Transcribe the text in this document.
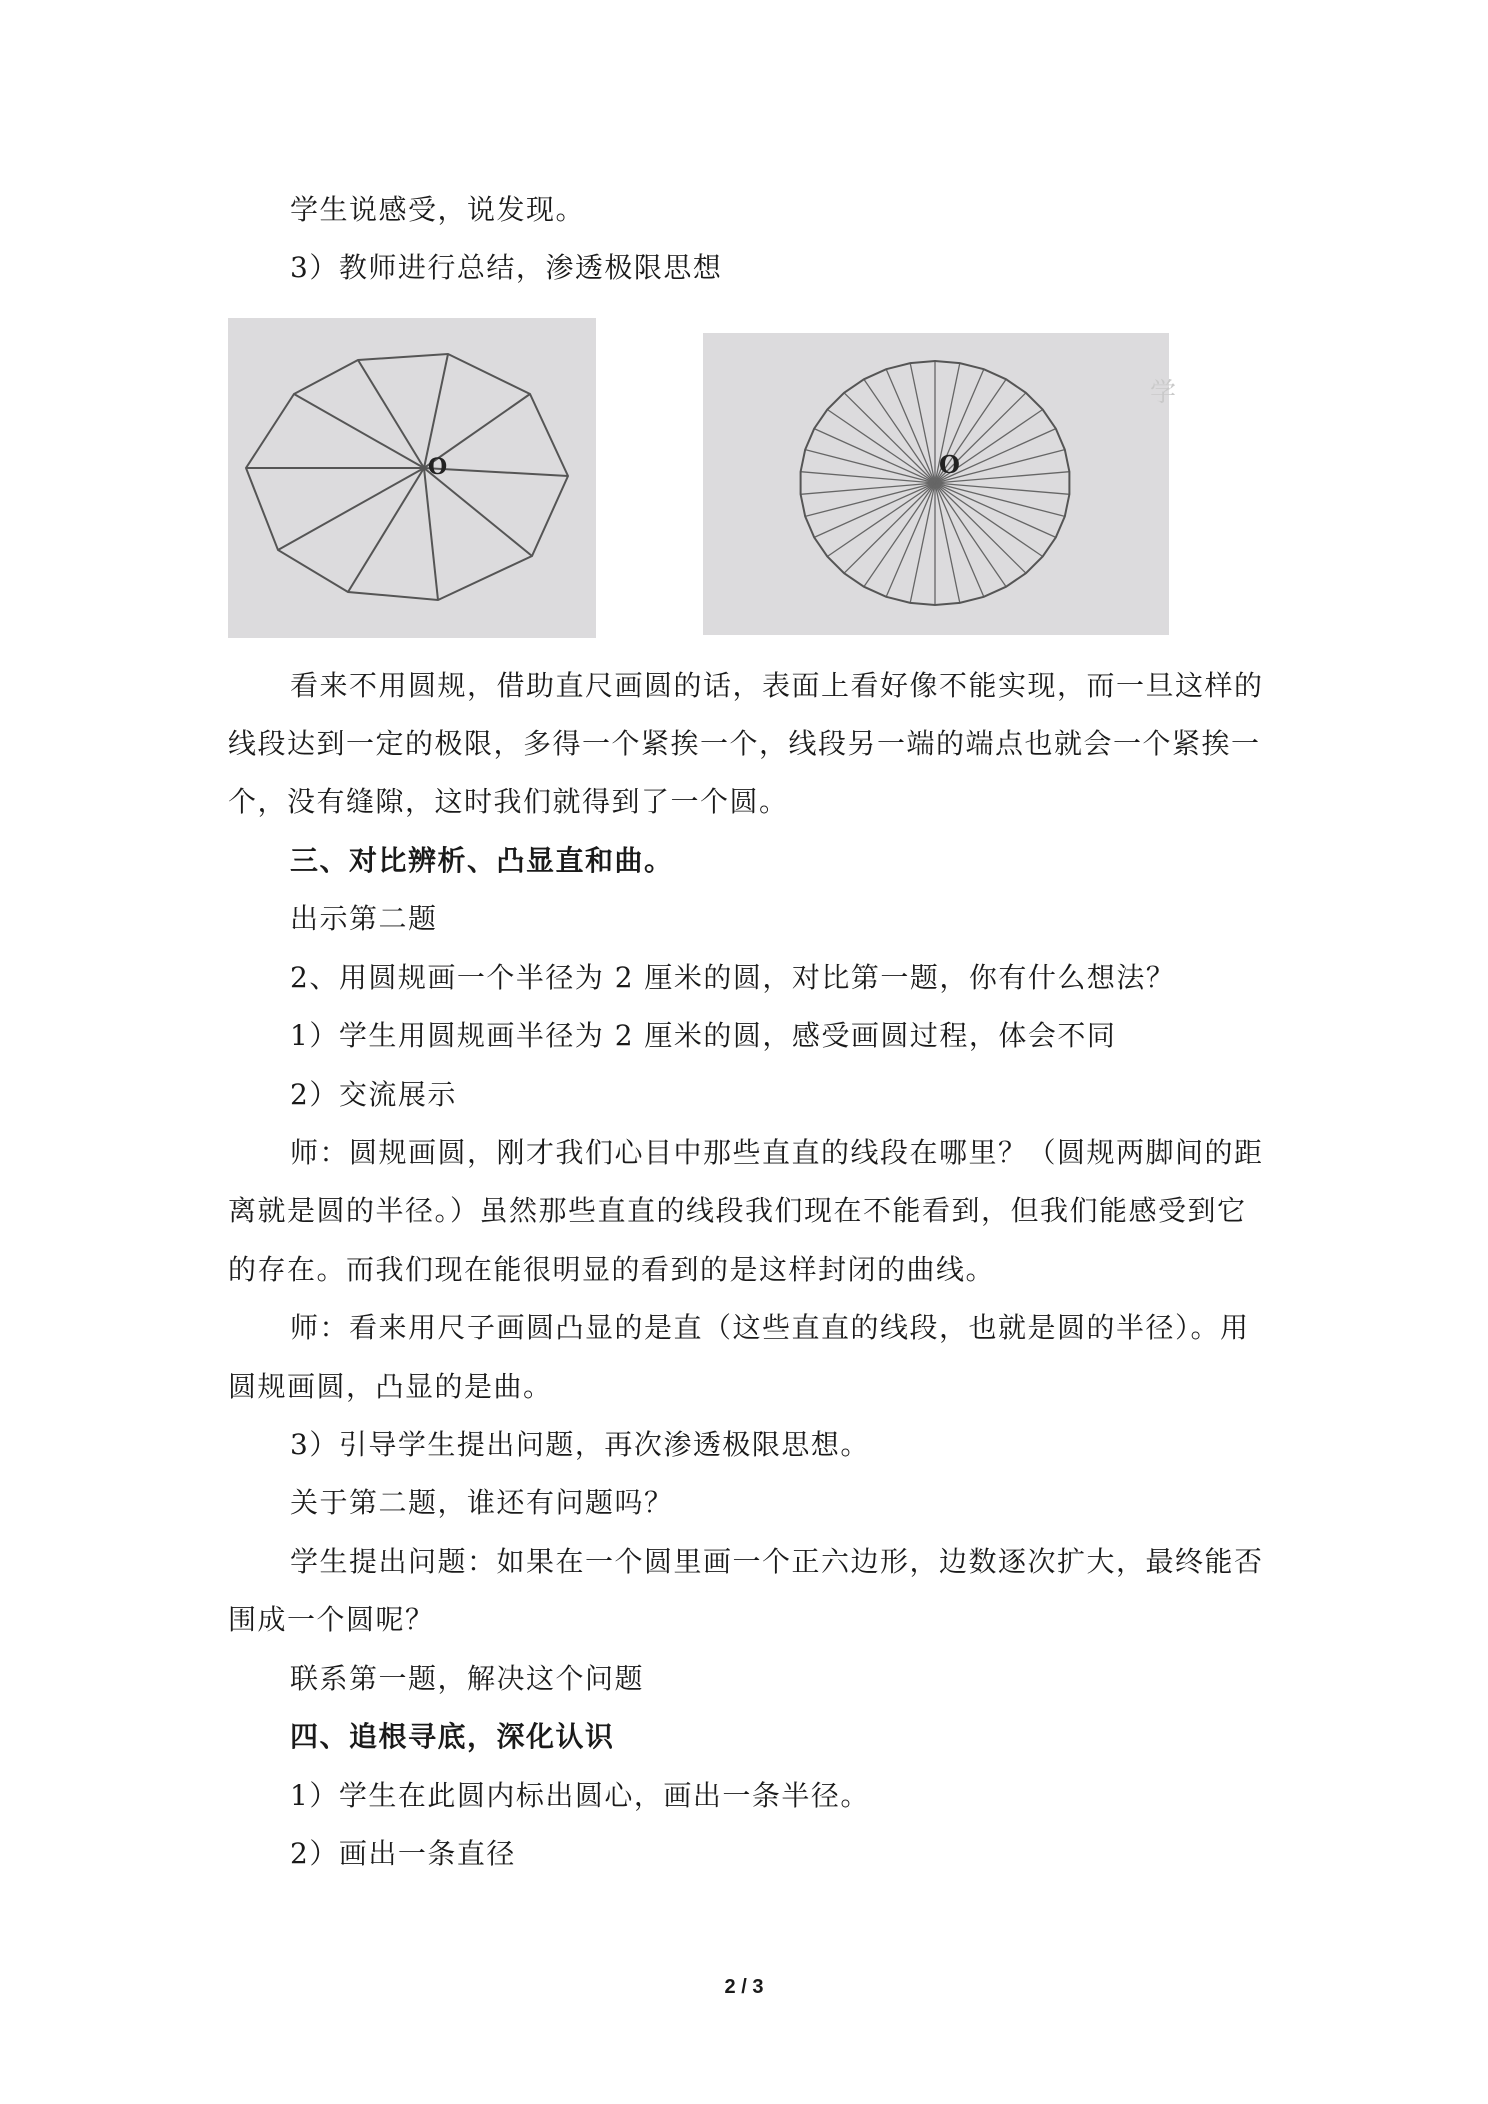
学生说感受，说发现。
3）教师进行总结，渗透极限思想
O	O
学
看来不用圆规，借助直尺画圆的话，表面上看好像不能实现，而一旦这样的
线段达到一定的极限，多得一个紧挨一个，线段另一端的端点也就会一个紧挨一
个，没有缝隙，这时我们就得到了一个圆。
三、对比辨析、凸显直和曲。
出示第二题
2、用圆规画一个半径为 2 厘米的圆，对比第一题，你有什么想法？
1）学生用圆规画半径为 2 厘米的圆，感受画圆过程，体会不同
2）交流展示
师：圆规画圆，刚才我们心目中那些直直的线段在哪里？（圆规两脚间的距
离就是圆的半径。）虽然那些直直的线段我们现在不能看到，但我们能感受到它
的存在。而我们现在能很明显的看到的是这样封闭的曲线。
师：看来用尺子画圆凸显的是直（这些直直的线段，也就是圆的半径）。用
圆规画圆，凸显的是曲。
3）引导学生提出问题，再次渗透极限思想。
关于第二题，谁还有问题吗？
学生提出问题：如果在一个圆里画一个正六边形，边数逐次扩大，最终能否
围成一个圆呢？
联系第一题，解决这个问题
四、追根寻底，深化认识
1）学生在此圆内标出圆心，画出一条半径。
2）画出一条直径
2 / 3
